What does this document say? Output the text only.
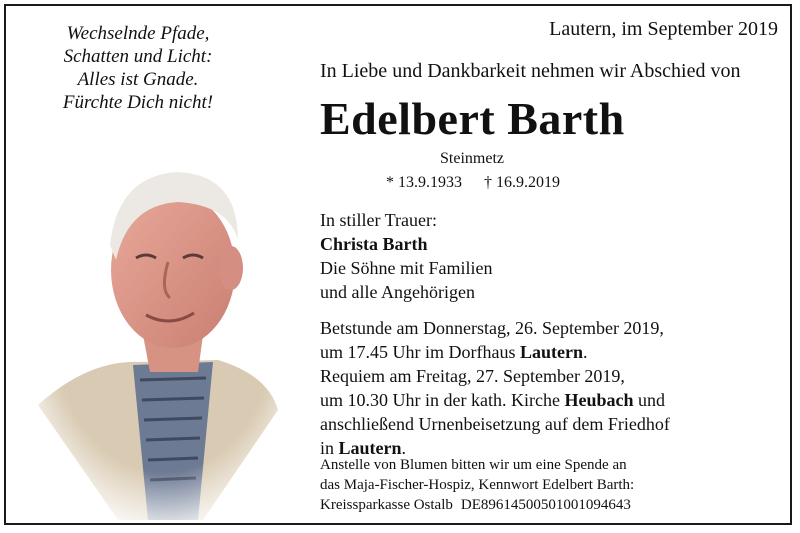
Wechselnde Pfade,
Schatten und Licht:
Alles ist Gnade.
Fürchte Dich nicht!
Lautern, im September 2019
In Liebe und Dankbarkeit nehmen wir Abschied von
Edelbert Barth
Steinmetz
* 13.9.1933 † 16.9.2019
In stiller Trauer:
Christa Barth
Die Söhne mit Familien
und alle Angehörigen
Betstunde am Donnerstag, 26. September 2019,
um 17.45 Uhr im Dorfhaus Lautern.
Requiem am Freitag, 27. September 2019,
um 10.30 Uhr in der kath. Kirche Heubach und
anschließend Urnenbeisetzung auf dem Friedhof
in Lautern.
Anstelle von Blumen bitten wir um eine Spende an
das Maja-Fischer-Hospiz, Kennwort Edelbert Barth:
Kreissparkasse Ostalb DE89614500501001094643
